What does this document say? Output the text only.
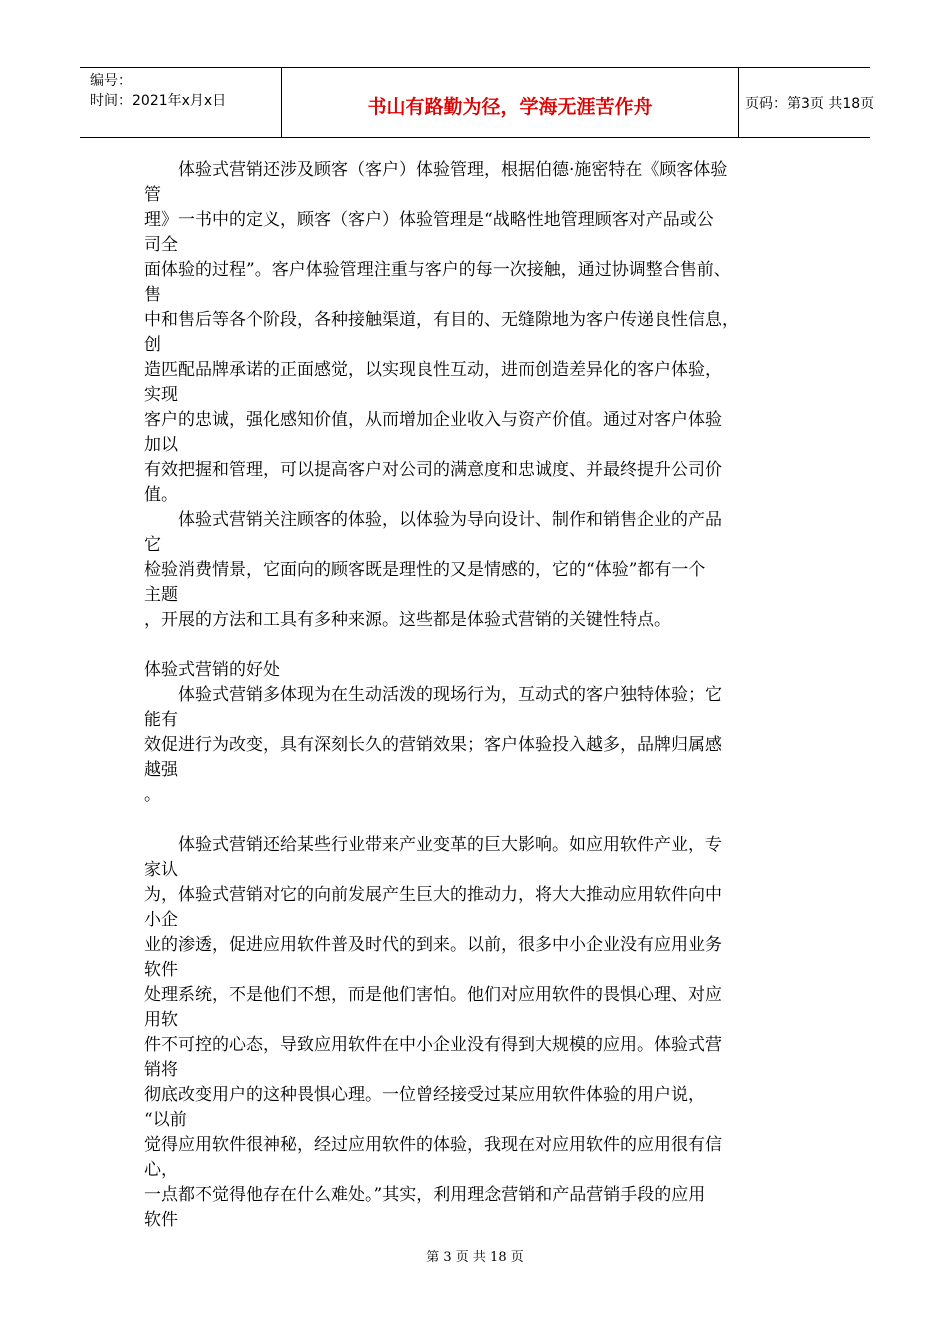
编号：
时间：2021年x月x日	书山有路勤为径，学海无涯苦作舟	页码：第3页 共18页
　　体验式营销还涉及顾客（客户）体验管理，根据伯德·施密特在《顾客体验
管
理》一书中的定义，顾客（客户）体验管理是“战略性地管理顾客对产品或公
司全
面体验的过程”。客户体验管理注重与客户的每一次接触，通过协调整合售前、
售
中和售后等各个阶段，各种接触渠道，有目的、无缝隙地为客户传递良性信息，
创
造匹配品牌承诺的正面感觉，以实现良性互动，进而创造差异化的客户体验，
实现
客户的忠诚，强化感知价值，从而增加企业收入与资产价值。通过对客户体验
加以
有效把握和管理，可以提高客户对公司的满意度和忠诚度、并最终提升公司价
值。
　　体验式营销关注顾客的体验，以体验为导向设计、制作和销售企业的产品
它
检验消费情景，它面向的顾客既是理性的又是情感的，它的“体验”都有一个
主题
，开展的方法和工具有多种来源。这些都是体验式营销的关键性特点。
体验式营销的好处
　　体验式营销多体现为在生动活泼的现场行为，互动式的客户独特体验；它
能有
效促进行为改变，具有深刻长久的营销效果；客户体验投入越多，品牌归属感
越强
。
　　体验式营销还给某些行业带来产业变革的巨大影响。如应用软件产业，专
家认
为，体验式营销对它的向前发展产生巨大的推动力，将大大推动应用软件向中
小企
业的渗透，促进应用软件普及时代的到来。以前，很多中小企业没有应用业务
软件
处理系统，不是他们不想，而是他们害怕。他们对应用软件的畏惧心理、对应
用软
件不可控的心态，导致应用软件在中小企业没有得到大规模的应用。体验式营
销将
彻底改变用户的这种畏惧心理。一位曾经接受过某应用软件体验的用户说，
“以前
觉得应用软件很神秘，经过应用软件的体验，我现在对应用软件的应用很有信
心，
一点都不觉得他存在什么难处。”其实，利用理念营销和产品营销手段的应用
软件
第 3 页 共 18 页
